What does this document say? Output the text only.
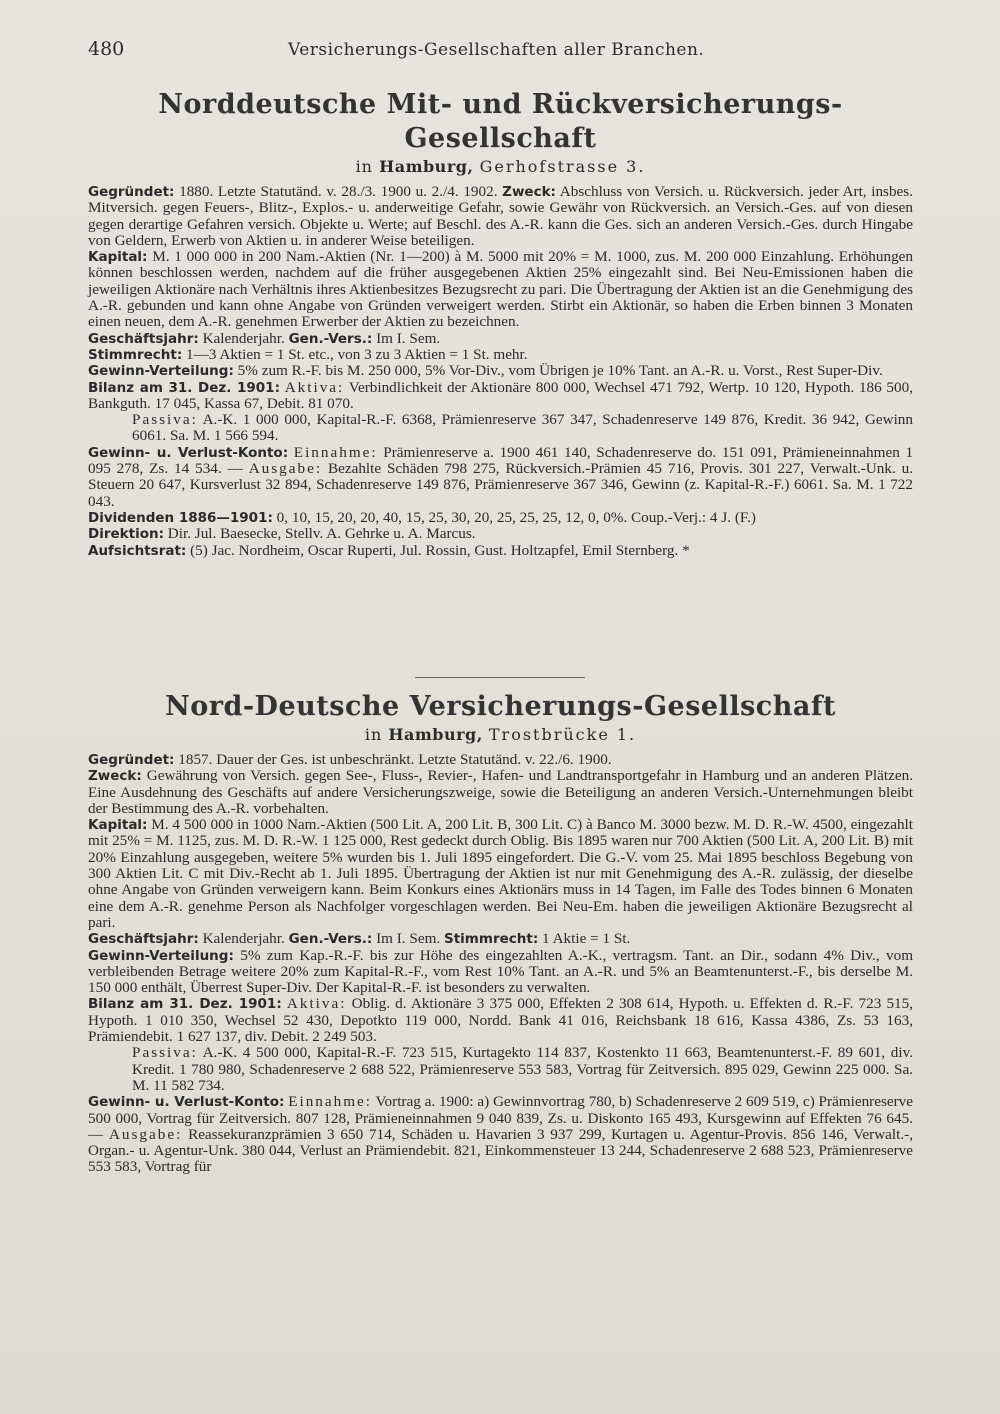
480	Versicherungs-Gesellschaften aller Branchen.
Norddeutsche Mit- und Rückversicherungs-Gesellschaft

in Hamburg, Gerhofstrasse 3.

Gegründet: 1880. Letzte Statutänd. v. 28./3. 1900 u. 2./4. 1902. Zweck: Abschluss von Versich. u. Rückversich. jeder Art, insbes. Mitversich. gegen Feuers-, Blitz-, Explos.- u. anderweitige Gefahr, sowie Gewähr von Rückversich. an Versich.-Ges. auf von diesen gegen derartige Gefahren versich. Objekte u. Werte; auf Beschl. des A.-R. kann die Ges. sich an anderen Versich.-Ges. durch Hingabe von Geldern, Erwerb von Aktien u. in anderer Weise beteiligen.

Kapital: M. 1 000 000 in 200 Nam.-Aktien (Nr. 1—200) à M. 5000 mit 20% = M. 1000, zus. M. 200 000 Einzahlung. Erhöhungen können beschlossen werden, nachdem auf die früher ausgegebenen Aktien 25% eingezahlt sind. Bei Neu-Emissionen haben die jeweiligen Aktionäre nach Verhältnis ihres Aktienbesitzes Bezugsrecht zu pari. Die Übertragung der Aktien ist an die Genehmigung des A.-R. gebunden und kann ohne Angabe von Gründen verweigert werden. Stirbt ein Aktionär, so haben die Erben binnen 3 Monaten einen neuen, dem A.-R. genehmen Erwerber der Aktien zu bezeichnen.

Geschäftsjahr: Kalenderjahr. Gen.-Vers.: Im I. Sem.

Stimmrecht: 1—3 Aktien = 1 St. etc., von 3 zu 3 Aktien = 1 St. mehr.

Gewinn-Verteilung: 5% zum R.-F. bis M. 250 000, 5% Vor-Div., vom Übrigen je 10% Tant. an A.-R. u. Vorst., Rest Super-Div.

Bilanz am 31. Dez. 1901: Aktiva: Verbindlichkeit der Aktionäre 800 000, Wechsel 471 792, Wertp. 10 120, Hypoth. 186 500, Bankguth. 17 045, Kassa 67, Debit. 81 070.

Passiva: A.-K. 1 000 000, Kapital-R.-F. 6368, Prämienreserve 367 347, Schadenreserve 149 876, Kredit. 36 942, Gewinn 6061. Sa. M. 1 566 594.

Gewinn- u. Verlust-Konto: Einnahme: Prämienreserve a. 1900 461 140, Schadenreserve do. 151 091, Prämieneinnahmen 1 095 278, Zs. 14 534. — Ausgabe: Bezahlte Schäden 798 275, Rückversich.-Prämien 45 716, Provis. 301 227, Verwalt.-Unk. u. Steuern 20 647, Kursverlust 32 894, Schadenreserve 149 876, Prämienreserve 367 346, Gewinn (z. Kapital-R.-F.) 6061. Sa. M. 1 722 043.

Dividenden 1886—1901: 0, 10, 15, 20, 20, 40, 15, 25, 30, 20, 25, 25, 25, 12, 0, 0%. Coup.-Verj.: 4 J. (F.)

Direktion: Dir. Jul. Baesecke, Stellv. A. Gehrke u. A. Marcus.

Aufsichtsrat: (5) Jac. Nordheim, Oscar Ruperti, Jul. Rossin, Gust. Holtzapfel, Emil Sternberg. *

Nord-Deutsche Versicherungs-Gesellschaft

in Hamburg, Trostbrücke 1.

Gegründet: 1857. Dauer der Ges. ist unbeschränkt. Letzte Statutänd. v. 22./6. 1900.

Zweck: Gewährung von Versich. gegen See-, Fluss-, Revier-, Hafen- und Landtransportgefahr in Hamburg und an anderen Plätzen. Eine Ausdehnung des Geschäfts auf andere Versicherungszweige, sowie die Beteiligung an anderen Versich.-Unternehmungen bleibt der Bestimmung des A.-R. vorbehalten.

Kapital: M. 4 500 000 in 1000 Nam.-Aktien (500 Lit. A, 200 Lit. B, 300 Lit. C) à Banco M. 3000 bezw. M. D. R.-W. 4500, eingezahlt mit 25% = M. 1125, zus. M. D. R.-W. 1 125 000, Rest gedeckt durch Oblig. Bis 1895 waren nur 700 Aktien (500 Lit. A, 200 Lit. B) mit 20% Einzahlung ausgegeben, weitere 5% wurden bis 1. Juli 1895 eingefordert. Die G.-V. vom 25. Mai 1895 beschloss Begebung von 300 Aktien Lit. C mit Div.-Recht ab 1. Juli 1895. Übertragung der Aktien ist nur mit Genehmigung des A.-R. zulässig, der dieselbe ohne Angabe von Gründen verweigern kann. Beim Konkurs eines Aktionärs muss in 14 Tagen, im Falle des Todes binnen 6 Monaten eine dem A.-R. genehme Person als Nachfolger vorgeschlagen werden. Bei Neu-Em. haben die jeweiligen Aktionäre Bezugsrecht al pari.

Geschäftsjahr: Kalenderjahr. Gen.-Vers.: Im I. Sem. Stimmrecht: 1 Aktie = 1 St.

Gewinn-Verteilung: 5% zum Kap.-R.-F. bis zur Höhe des eingezahlten A.-K., vertragsm. Tant. an Dir., sodann 4% Div., vom verbleibenden Betrage weitere 20% zum Kapital-R.-F., vom Rest 10% Tant. an A.-R. und 5% an Beamtenunterst.-F., bis derselbe M. 150 000 enthält, Überrest Super-Div. Der Kapital-R.-F. ist besonders zu verwalten.

Bilanz am 31. Dez. 1901: Aktiva: Oblig. d. Aktionäre 3 375 000, Effekten 2 308 614, Hypoth. u. Effekten d. R.-F. 723 515, Hypoth. 1 010 350, Wechsel 52 430, Depotkto 119 000, Nordd. Bank 41 016, Reichsbank 18 616, Kassa 4386, Zs. 53 163, Prämiendebit. 1 627 137, div. Debit. 2 249 503.

Passiva: A.-K. 4 500 000, Kapital-R.-F. 723 515, Kurtagekto 114 837, Kostenkto 11 663, Beamtenunterst.-F. 89 601, div. Kredit. 1 780 980, Schadenreserve 2 688 522, Prämienreserve 553 583, Vortrag für Zeitversich. 895 029, Gewinn 225 000. Sa. M. 11 582 734.

Gewinn- u. Verlust-Konto: Einnahme: Vortrag a. 1900: a) Gewinnvortrag 780, b) Schadenreserve 2 609 519, c) Prämienreserve 500 000, Vortrag für Zeitversich. 807 128, Prämieneinnahmen 9 040 839, Zs. u. Diskonto 165 493, Kursgewinn auf Effekten 76 645. — Ausgabe: Reassekuranzprämien 3 650 714, Schäden u. Havarien 3 937 299, Kurtagen u. Agentur-Provis. 856 146, Verwalt.-, Organ.- u. Agentur-Unk. 380 044, Verlust an Prämiendebit. 821, Einkommensteuer 13 244, Schadenreserve 2 688 523, Prämienreserve 553 583, Vortrag für
